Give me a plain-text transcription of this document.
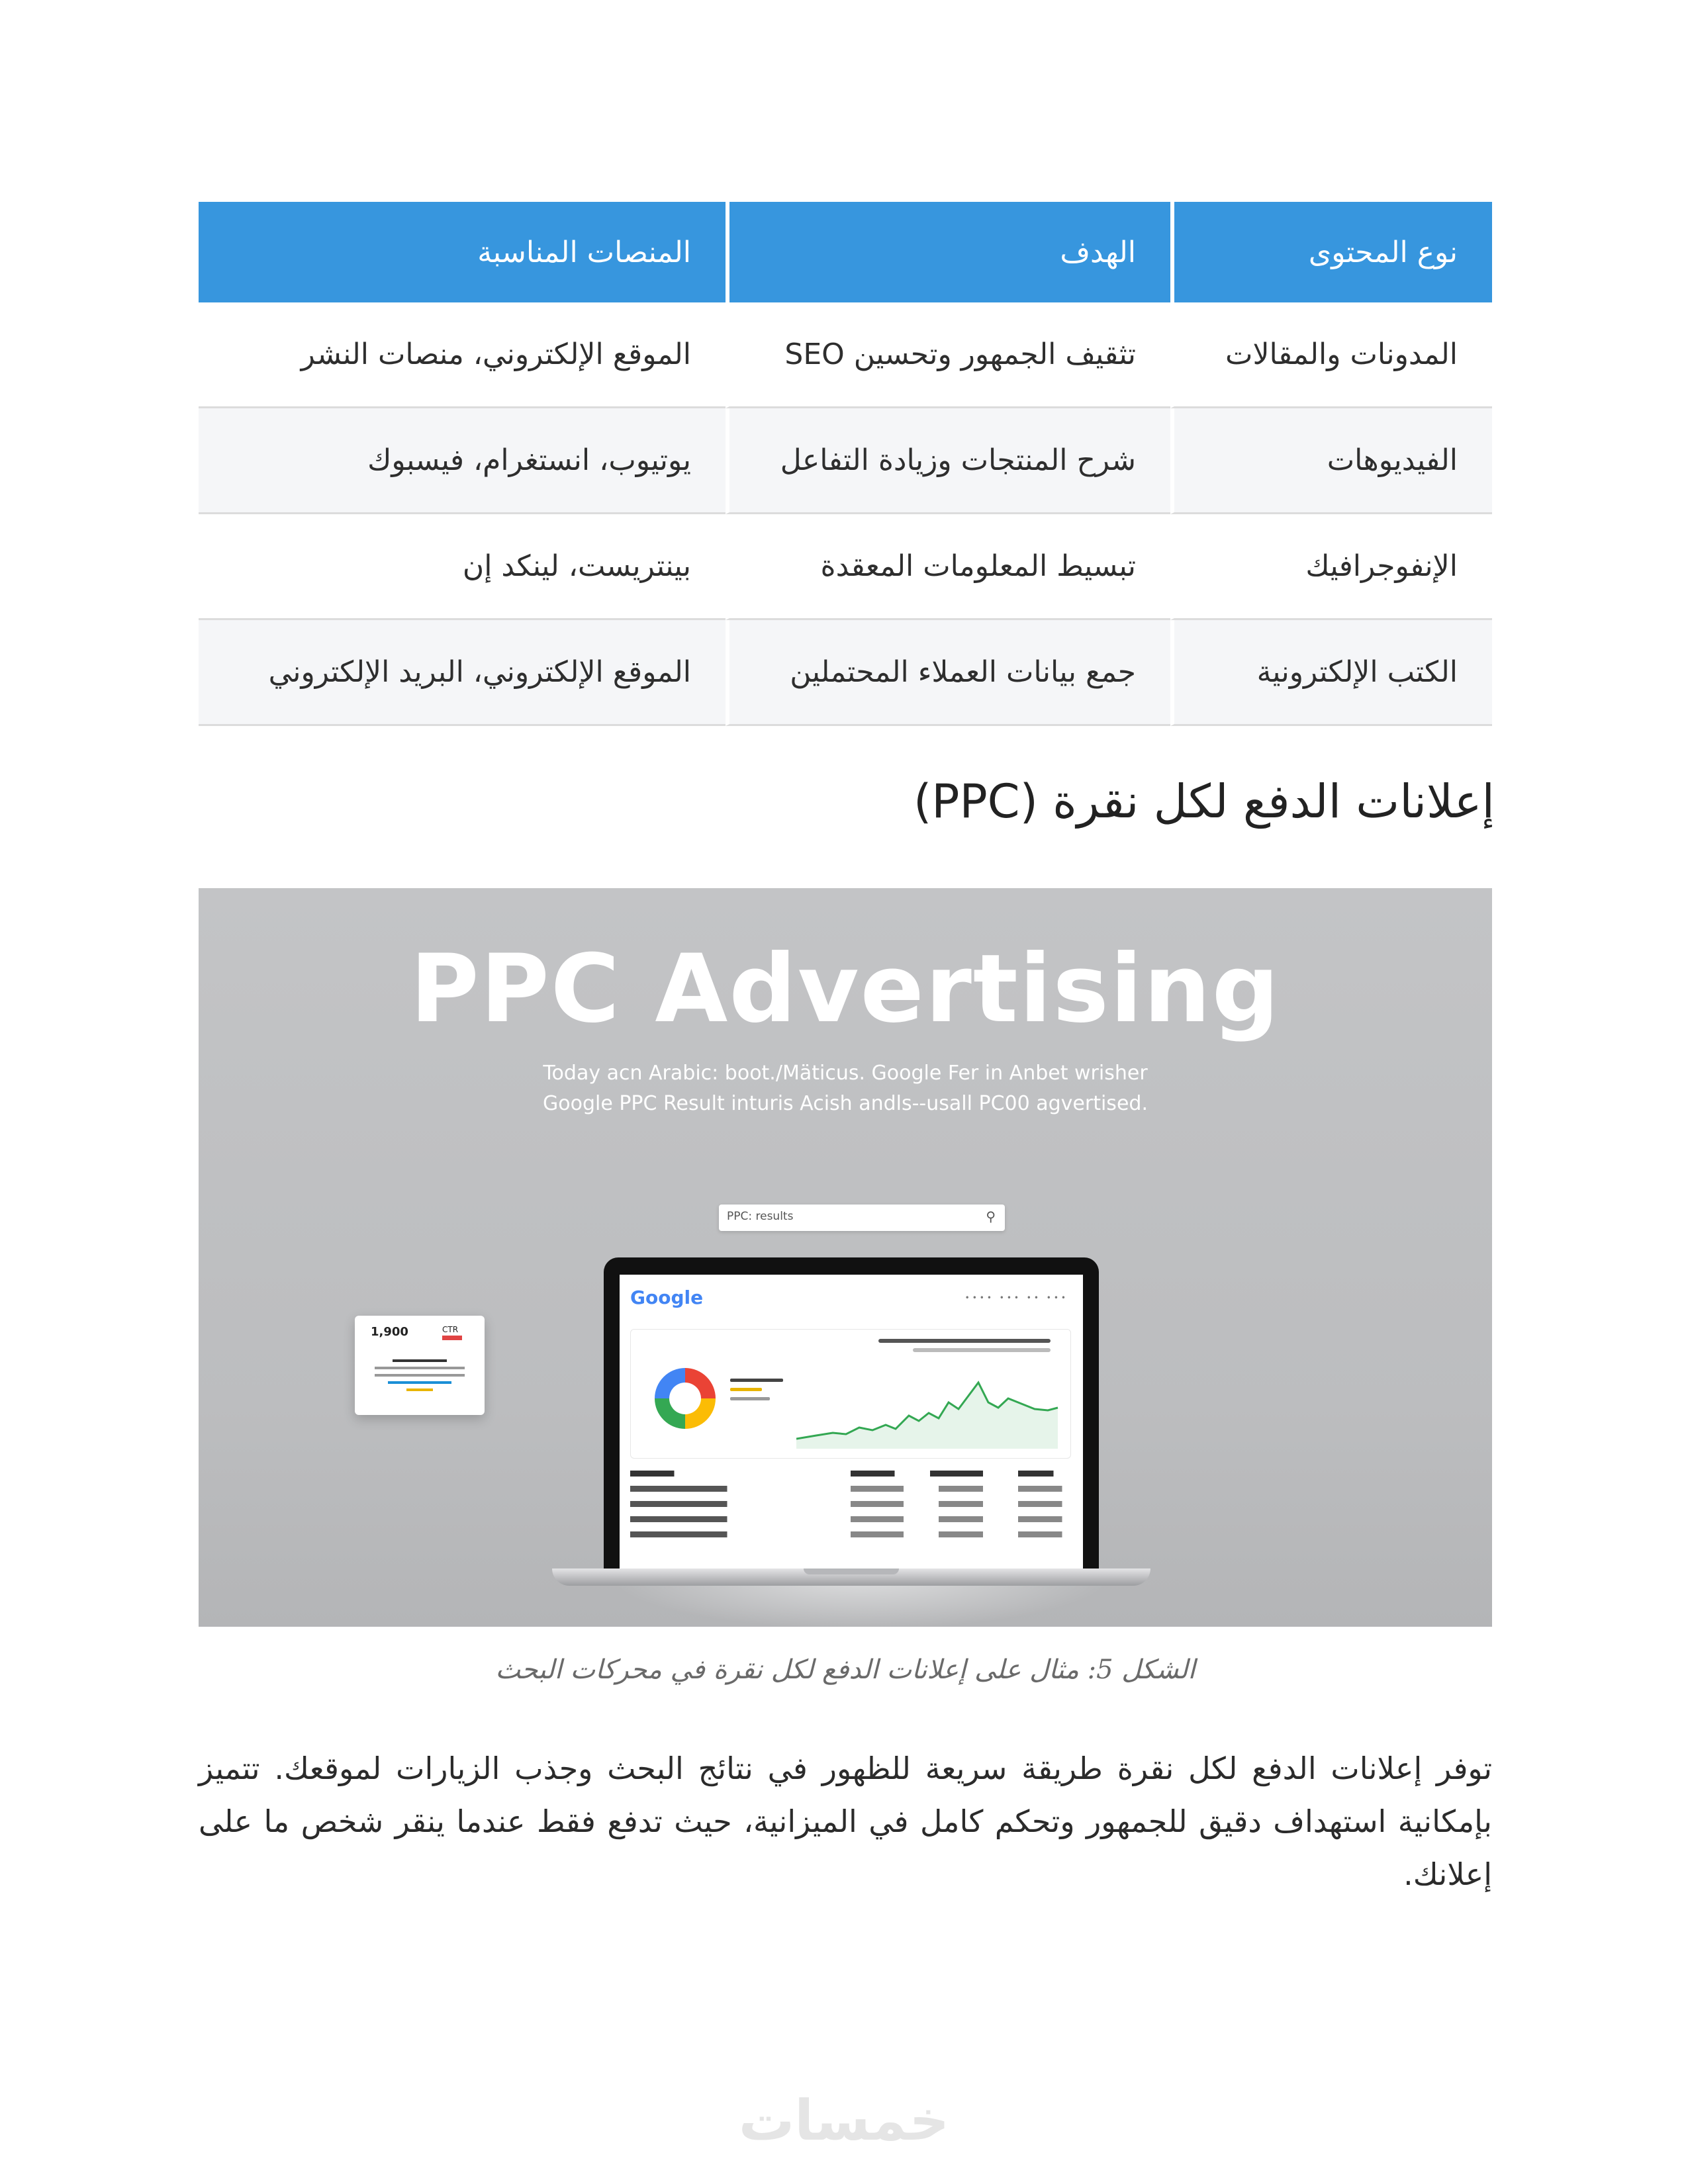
نوع المحتوى	الهدف	المنصات المناسبة
المدونات والمقالات	تثقيف الجمهور وتحسين SEO	الموقع الإلكتروني، منصات النشر
الفيديوهات	شرح المنتجات وزيادة التفاعل	يوتيوب، انستغرام، فيسبوك
الإنفوجرافيك	تبسيط المعلومات المعقدة	بينتريست، لينكد إن
الكتب الإلكترونية	جمع بيانات العملاء المحتملين	الموقع الإلكتروني، البريد الإلكتروني
إعلانات الدفع لكل نقرة (PPC)
PPC Advertising
Today acn Arabic: boot./Mäticus. Google Fer in Anbet wrisher
Google PPC Result inturis Acish andls-‑usall PC00 agvertised.
PPC: results	⚲
Google	•••• ••• •• •••
1,900	CTR
الشكل 5: مثال على إعلانات الدفع لكل نقرة في محركات البحث

توفر إعلانات الدفع لكل نقرة طريقة سريعة للظهور في نتائج البحث وجذب الزيارات لموقعك. تتميز بإمكانية استهداف دقيق للجمهور وتحكم كامل في الميزانية، حيث تدفع فقط عندما ينقر شخص ما على إعلانك.

خمسات
